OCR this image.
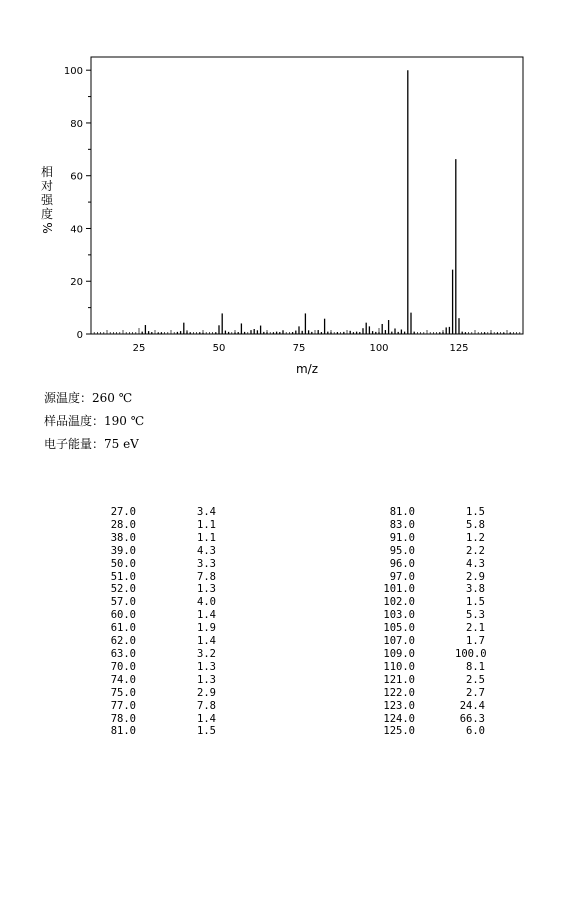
0
20
40
60
80
100
25	50	75	100	125
相
对
强
度
%
m/z
源温度：260 ℃
样品温度：190 ℃
电子能量：75 eV
27.0	3.4
28.0	1.1
38.0	1.1
39.0	4.3
50.0	3.3
51.0	7.8
52.0	1.3
57.0	4.0
60.0	1.4
61.0	1.9
62.0	1.4
63.0	3.2
70.0	1.3
74.0	1.3
75.0	2.9
77.0	7.8
78.0	1.4
81.0	1.5
81.0	1.5
83.0	5.8
91.0	1.2
95.0	2.2
96.0	4.3
97.0	2.9
101.0	3.8
102.0	1.5
103.0	5.3
105.0	2.1
107.0	1.7
109.0	100.0
110.0	8.1
121.0	2.5
122.0	2.7
123.0	24.4
124.0	66.3
125.0	6.0
